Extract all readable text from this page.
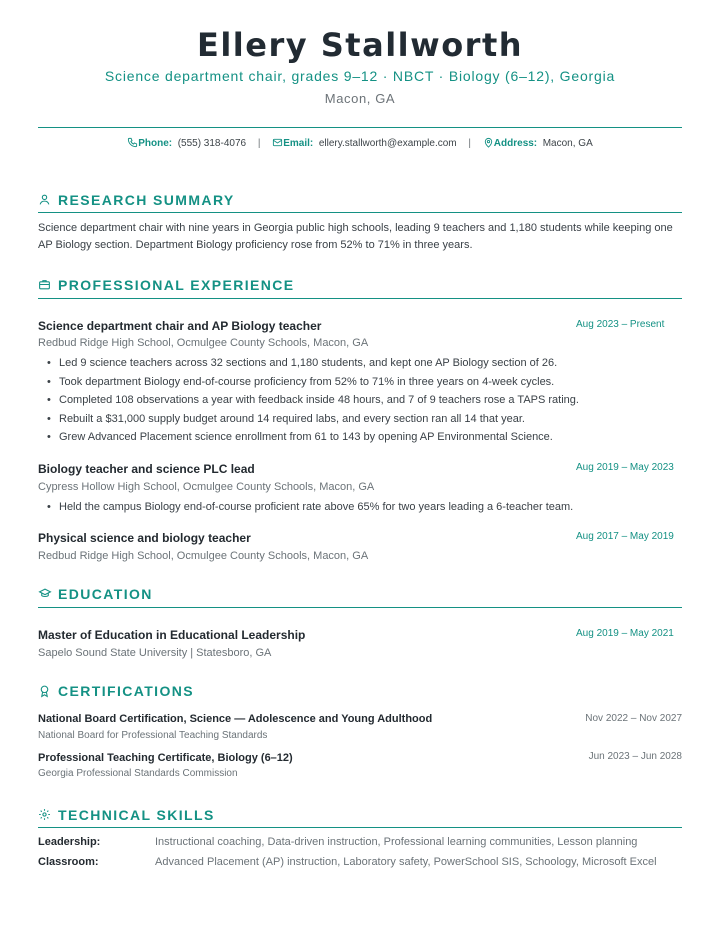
Ellery Stallworth
Science department chair, grades 9–12 · NBCT · Biology (6–12), Georgia
Macon, GA
Phone: (555) 318-4076 | Email: ellery.stallworth@example.com | Address: Macon, GA
RESEARCH SUMMARY
Science department chair with nine years in Georgia public high schools, leading 9 teachers and 1,180 students while keeping one AP Biology section. Department Biology proficiency rose from 52% to 71% in three years.
PROFESSIONAL EXPERIENCE
Science department chair and AP Biology teacher	Aug 2023 – Present
Redbud Ridge High School, Ocmulgee County Schools, Macon, GA
• Led 9 science teachers across 32 sections and 1,180 students, and kept one AP Biology section of 26.
• Took department Biology end-of-course proficiency from 52% to 71% in three years on 4-week cycles.
• Completed 108 observations a year with feedback inside 48 hours, and 7 of 9 teachers rose a TAPS rating.
• Rebuilt a $31,000 supply budget around 14 required labs, and every section ran all 14 that year.
• Grew Advanced Placement science enrollment from 61 to 143 by opening AP Environmental Science.
Biology teacher and science PLC lead	Aug 2019 – May 2023
Cypress Hollow High School, Ocmulgee County Schools, Macon, GA
• Held the campus Biology end-of-course proficient rate above 65% for two years leading a 6-teacher team.
Physical science and biology teacher	Aug 2017 – May 2019
Redbud Ridge High School, Ocmulgee County Schools, Macon, GA
EDUCATION
Master of Education in Educational Leadership	Aug 2019 – May 2021
Sapelo Sound State University | Statesboro, GA
CERTIFICATIONS
National Board Certification, Science — Adolescence and Young Adulthood	Nov 2022 – Nov 2027
National Board for Professional Teaching Standards
Professional Teaching Certificate, Biology (6–12)	Jun 2023 – Jun 2028
Georgia Professional Standards Commission
TECHNICAL SKILLS
Leadership:	Instructional coaching, Data-driven instruction, Professional learning communities, Lesson planning
Classroom:	Advanced Placement (AP) instruction, Laboratory safety, PowerSchool SIS, Schoology, Microsoft Excel
